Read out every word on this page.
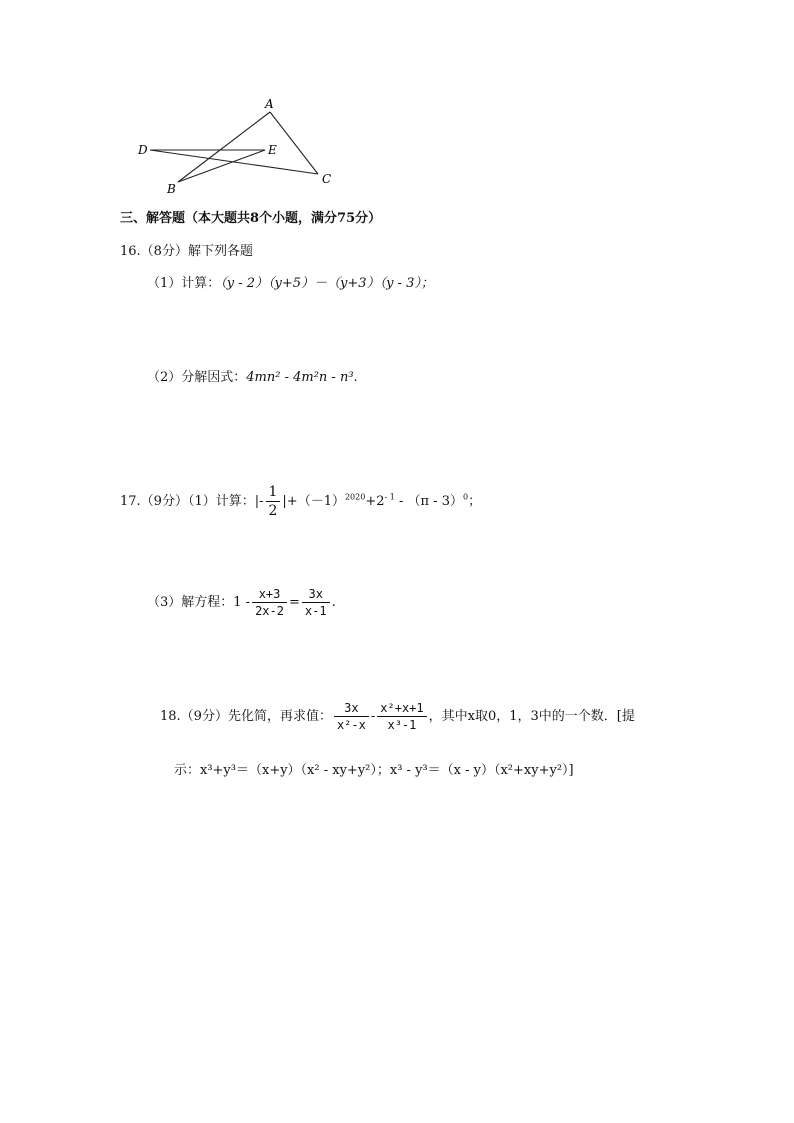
A
B
C
D	E
三、解答题（本大题共8个小题，满分75分）
16.（8分）解下列各题
（1）计算：（y - 2）（y+5）－（y+3）（y - 3）；
（2）分解因式：4mn² - 4m²n - n³.
17.（9分）（1）计算：|- $\frac{1}{2} |+(-1)^{2020}+2^{- 1} - (\pi - 3)^0$；
（3）解方程：$1 - \frac{x+3}{2x-2} = \frac{3x}{x-1}$ .
18.（9分）先化简，再求值： $\frac{3x}{\text{x²-x}} - \frac{\text{x²+x+1}}{\text{x³-1}}$ ，其中x取0，1，3中的一个数．[提
示：x³+y³＝（x+y）（x² - xy+y²）；x³ - y³＝（x - y）（x²+xy+y²）]
